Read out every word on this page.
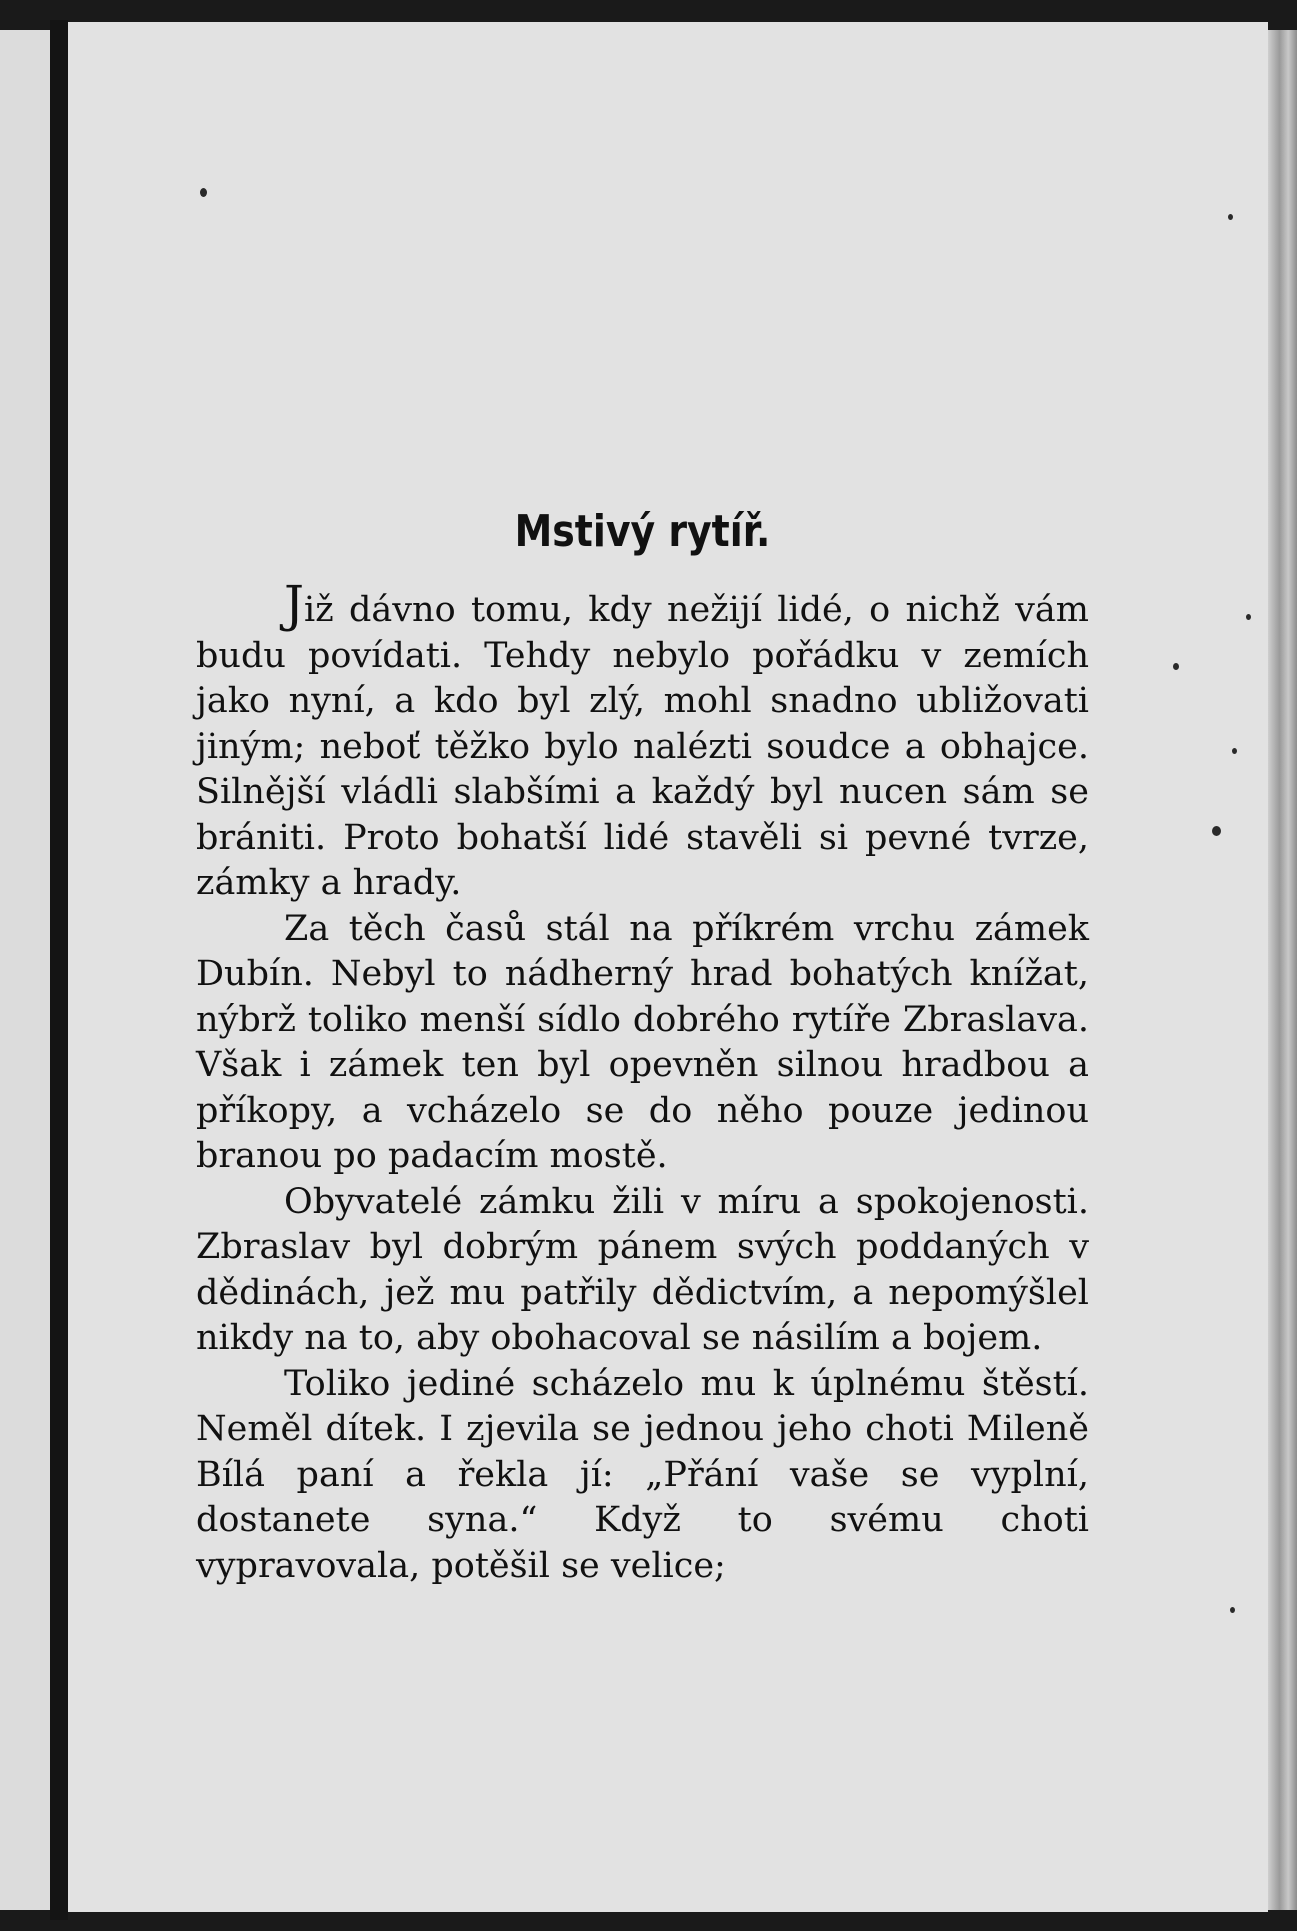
Mstivý rytíř.

Již dávno tomu, kdy nežijí lidé, o nichž vám budu povídati. Tehdy nebylo pořádku v zemích jako nyní, a kdo byl zlý, mohl snadno ubližovati jiným; neboť těžko bylo nalézti soudce a obhajce. Silnější vládli slabšími a každý byl nucen sám se brániti. Proto bohatší lidé stavěli si pevné tvrze, zámky a hrady.

Za těch časů stál na příkrém vrchu zámek Dubín. Nebyl to nádherný hrad bohatých knížat, nýbrž toliko menší sídlo dobrého rytíře Zbraslava. Však i zámek ten byl opevněn silnou hradbou a příkopy, a vcházelo se do něho pouze jedinou branou po padacím mostě.

Obyvatelé zámku žili v míru a spokojenosti. Zbraslav byl dobrým pánem svých poddaných v dědinách, jež mu patřily dědictvím, a nepomýšlel nikdy na to, aby obohacoval se násilím a bojem.

Toliko jediné scházelo mu k úplnému štěstí. Neměl dítek. I zjevila se jednou jeho choti Mileně Bílá paní a řekla jí: „Přání vaše se vyplní, dostanete syna.“ Když to svému choti vypravovala, potěšil se velice;
